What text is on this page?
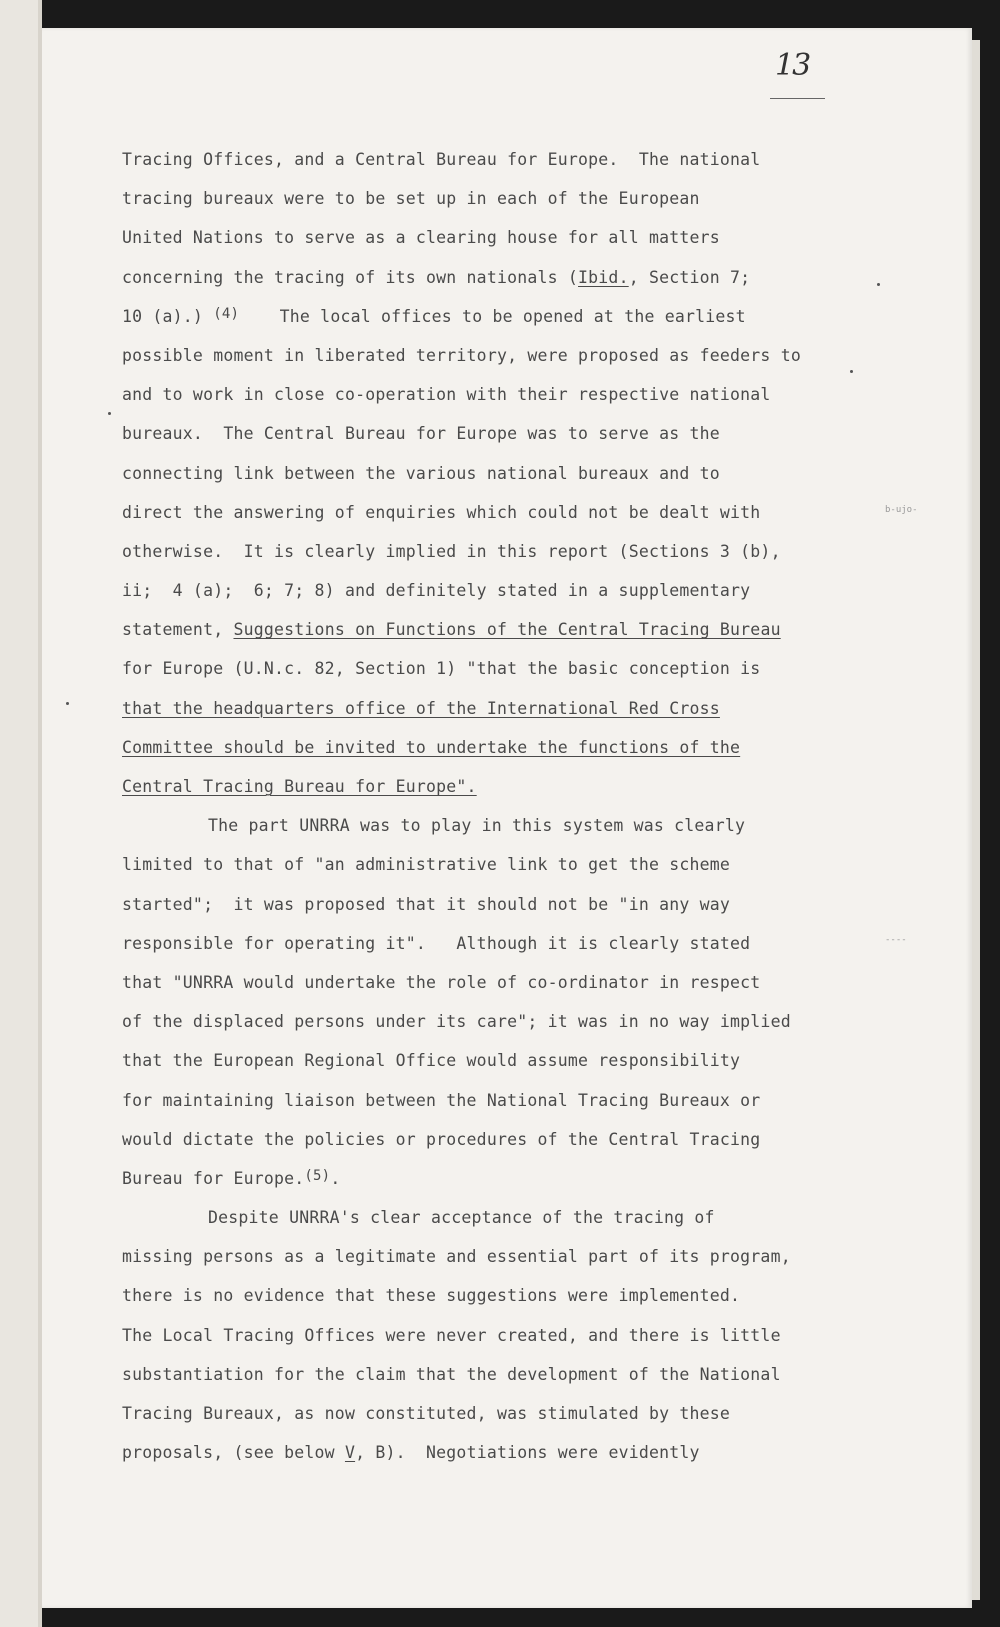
13
b-ujo-
----
Tracing Offices, and a Central Bureau for Europe.  The national
tracing bureaux were to be set up in each of the European
United Nations to serve as a clearing house for all matters
concerning the tracing of its own nationals (Ibid., Section 7;
10 (a).) $^{(4)}$    The local offices to be opened at the earliest
possible moment in liberated territory, were proposed as feeders to
and to work in close co-operation with their respective national
bureaux.  The Central Bureau for Europe was to serve as the
connecting link between the various national bureaux and to
direct the answering of enquiries which could not be dealt with
otherwise.  It is clearly implied in this report (Sections 3 (b),
ii;  4 (a);  6; 7; 8) and definitely stated in a supplementary
statement, Suggestions on Functions of the Central Tracing Bureau
for Europe (U.N.c. 82, Section 1) "that the basic conception is
that the headquarters office of the International Red Cross
Committee should be invited to undertake the functions of the
Central Tracing Bureau for Europe".
The part UNRRA was to play in this system was clearly
limited to that of "an administrative link to get the scheme
started";  it was proposed that it should not be "in any way
responsible for operating it".   Although it is clearly stated
that "UNRRA would undertake the role of co-ordinator in respect
of the displaced persons under its care"; it was in no way implied
that the European Regional Office would assume responsibility
for maintaining liaison between the National Tracing Bureaux or
would dictate the policies or procedures of the Central Tracing
Bureau for Europe.$^{(5)}$.
Despite UNRRA's clear acceptance of the tracing of
missing persons as a legitimate and essential part of its program,
there is no evidence that these suggestions were implemented.
The Local Tracing Offices were never created, and there is little
substantiation for the claim that the development of the National
Tracing Bureaux, as now constituted, was stimulated by these
proposals, (see below V, B).  Negotiations were evidently
